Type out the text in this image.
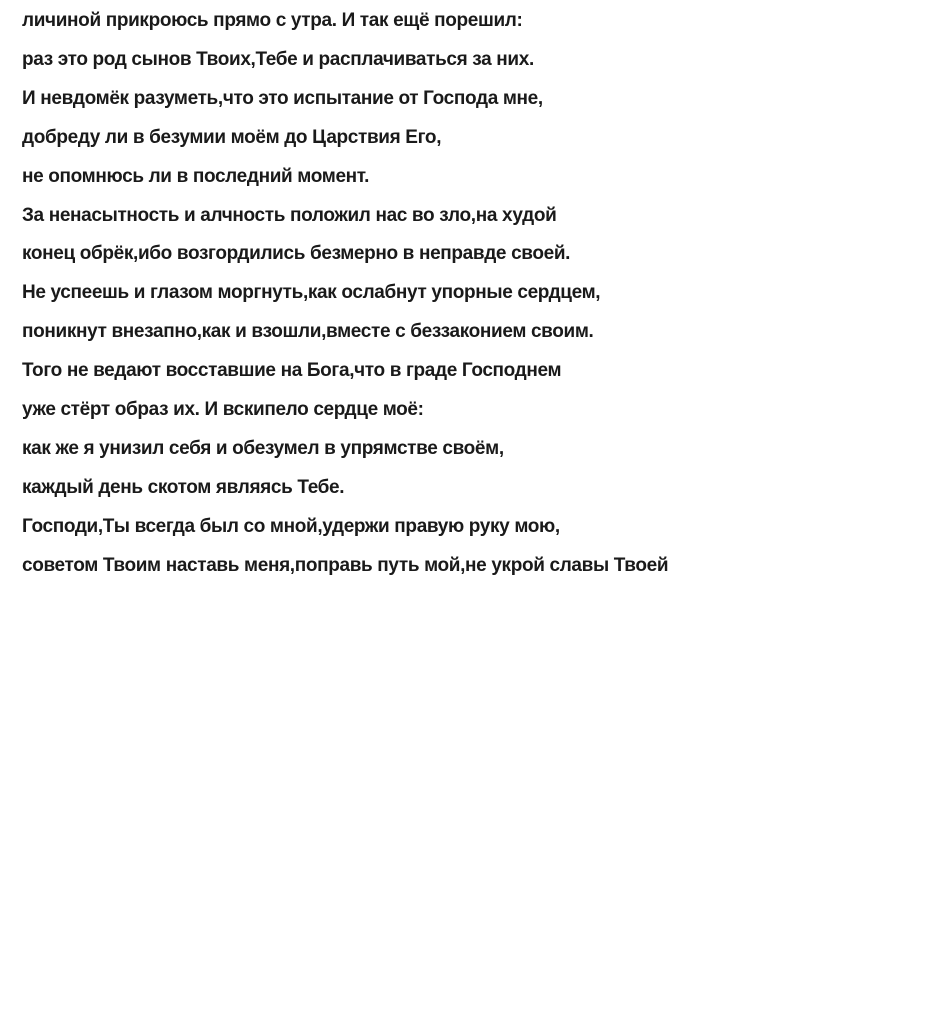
личиной прикроюсь прямо с утра. И так ещё порешил:

раз это род сынов Твоих,Тебе и расплачиваться за них.

И невдомёк разуметь,что это испытание от Господа мне,

добреду ли в безумии моём до Царствия Его,

не опомнюсь ли в последний момент.

За ненасытность и алчность положил нас во зло,на худой

конец обрёк,ибо возгордились безмерно в неправде своей.

Не успеешь и глазом моргнуть,как ослабнут упорные сердцем,

поникнут внезапно,как и взошли,вместе с беззаконием своим.

Того не ведают восставшие на Бога,что в граде Господнем

уже стёрт образ их. И вскипело сердце моё:

как же я унизил себя и обезумел в упрямстве своём,

каждый день скотом являясь Тебе.

Господи,Ты всегда был со мной,удержи правую руку мою,

советом Твоим наставь меня,поправь путь мой,не укрой славы Твоей
